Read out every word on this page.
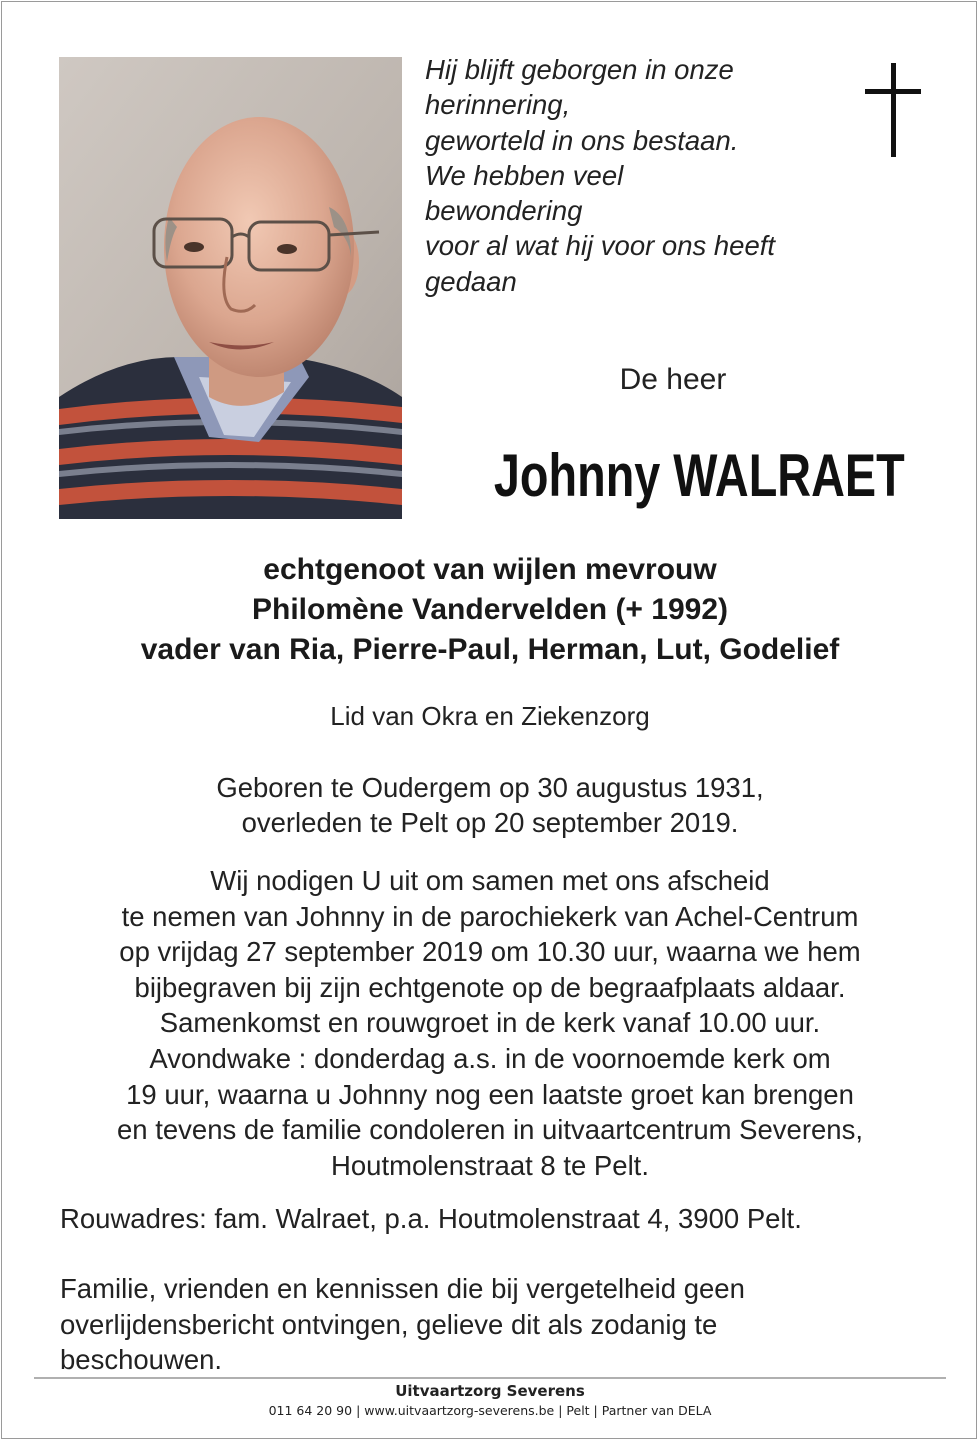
Hij blijft geborgen in onze
herinnering,
geworteld in ons bestaan.
We hebben veel
bewondering
voor al wat hij voor ons heeft
gedaan
De heer
Johnny WALRAET
echtgenoot van wijlen mevrouw
Philomène Vandervelden (+ 1992)
vader van Ria, Pierre-Paul, Herman, Lut, Godelief
Lid van Okra en Ziekenzorg
Geboren te Oudergem op 30 augustus 1931,
overleden te Pelt op 20 september 2019.
Wij nodigen U uit om samen met ons afscheid
te nemen van Johnny in de parochiekerk van Achel-Centrum
op vrijdag 27 september 2019 om 10.30 uur, waarna we hem
bijbegraven bij zijn echtgenote op de begraafplaats aldaar.
Samenkomst en rouwgroet in de kerk vanaf 10.00 uur.
Avondwake : donderdag a.s. in de voornoemde kerk om
19 uur, waarna u Johnny nog een laatste groet kan brengen
en tevens de familie condoleren in uitvaartcentrum Severens,
Houtmolenstraat 8 te Pelt.
Rouwadres: fam. Walraet, p.a. Houtmolenstraat 4, 3900 Pelt.
Familie, vrienden en kennissen die bij vergetelheid geen
overlijdensbericht ontvingen, gelieve dit als zodanig te
beschouwen.
Uitvaartzorg Severens
011 64 20 90 | www.uitvaartzorg-severens.be | Pelt | Partner van DELA
